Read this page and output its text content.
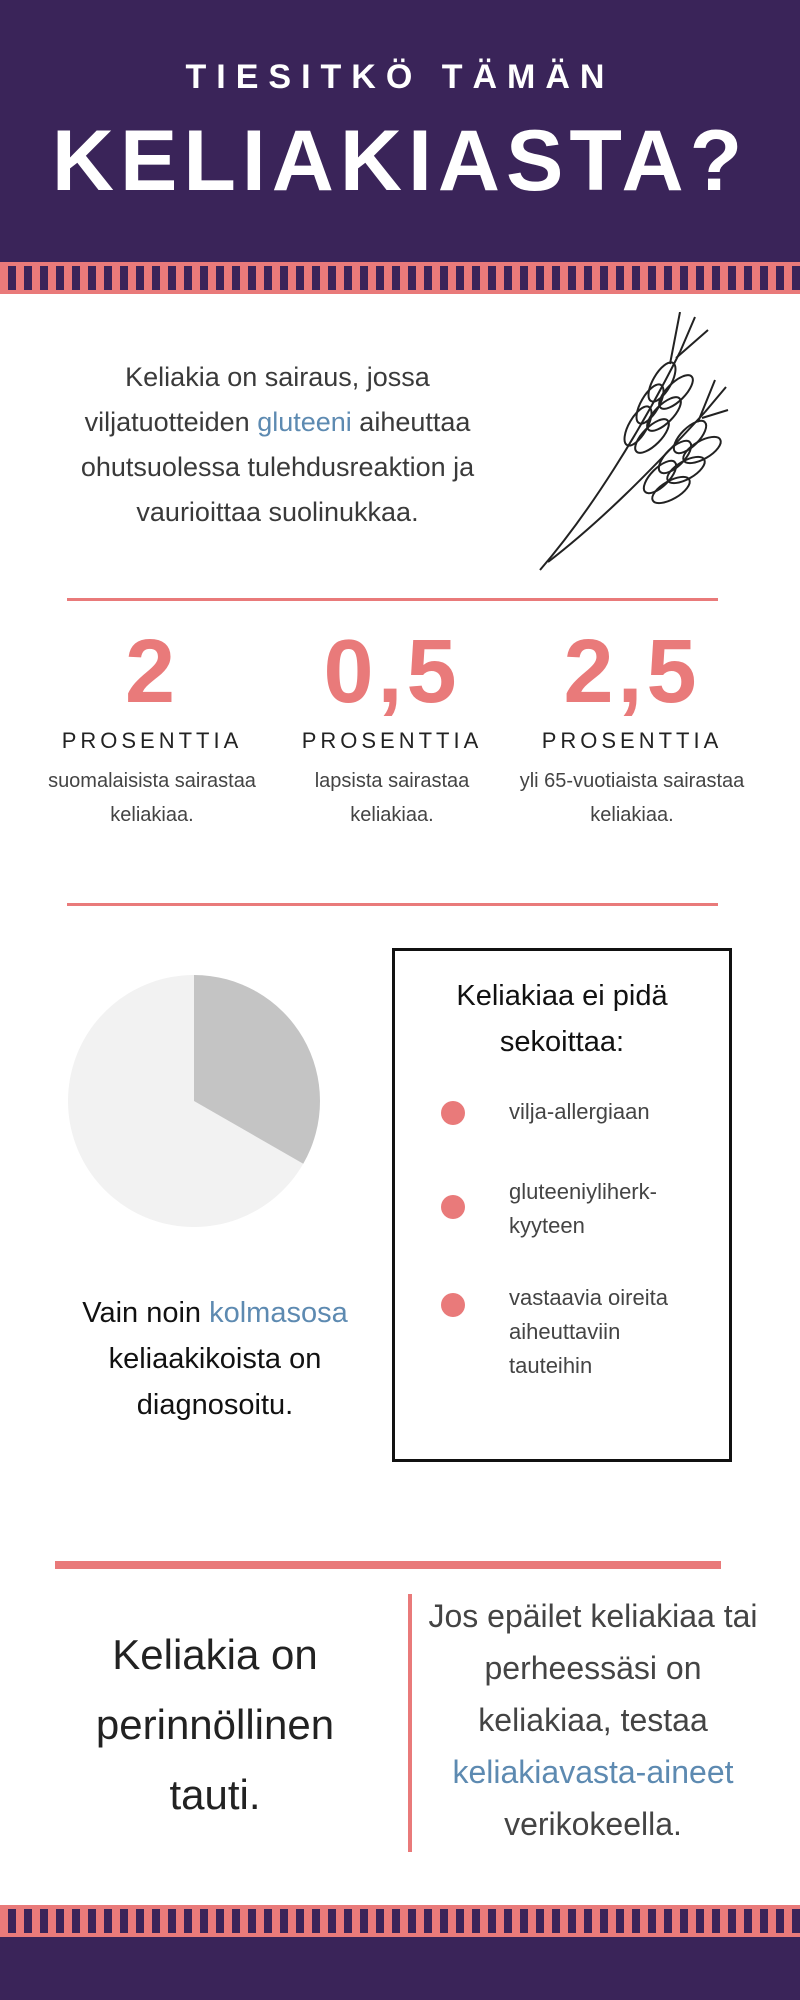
TIESITKÖ TÄMÄN
KELIAKIASTA?
Keliakia on sairaus, jossa viljatuotteiden gluteeni aiheuttaa ohutsuolessa tulehdusreaktion ja vaurioittaa suolinukkaa.
2
PROSENTTIA
suomalaisista sairastaa keliakiaa.
0,5
PROSENTTIA
lapsista sairastaa keliakiaa.
2,5
PROSENTTIA
yli 65-vuotiaista sairastaa keliakiaa.
Vain noin kolmasosa keliaakikoista on diagnosoitu.
Keliakiaa ei pidä sekoittaa:
vilja-allergiaan
gluteeniyliherk-kyyteen
vastaavia oireita aiheuttaviin tauteihin
Keliakia on perinnöllinen tauti.
Jos epäilet keliakiaa tai perheessäsi on keliakiaa, testaa keliakiavasta-aineet verikokeella.
